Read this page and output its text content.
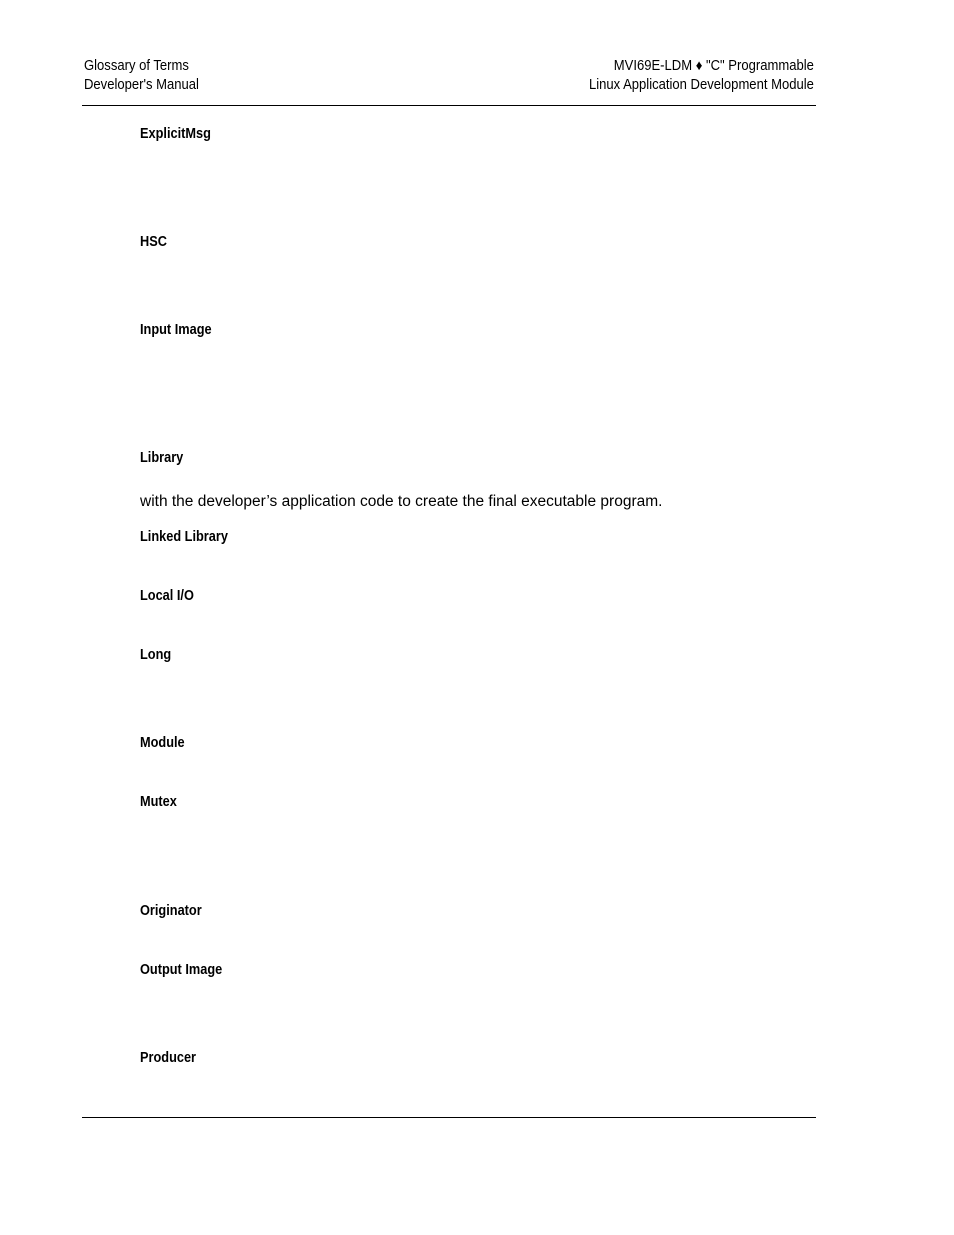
Glossary of Terms
Developer's Manual
MVI69E-LDM ♦ "C" Programmable
Linux Application Development Module
ExplicitMsg
HSC
Input Image
Library
with the developer’s application code to create the final executable program.
Linked Library
Local I/O
Long
Module
Mutex
Originator
Output Image
Producer
